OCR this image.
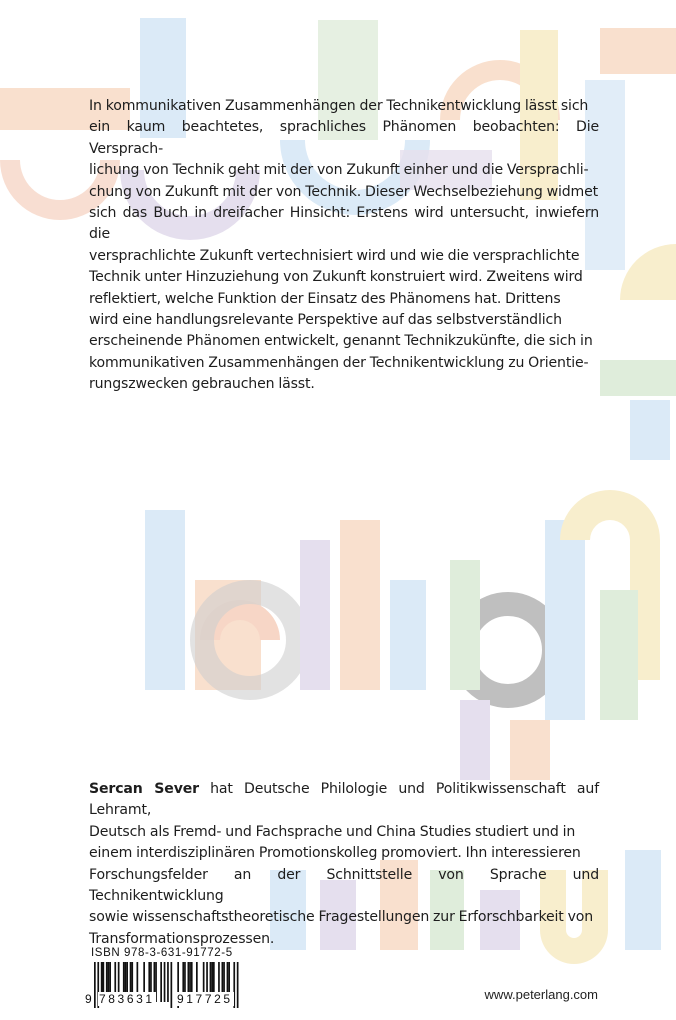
In kommunikativen Zusammenhängen der Technikentwicklung lässt sich
ein kaum beachtetes, sprachliches Phänomen beobachten: Die Versprach-
lichung von Technik geht mit der von Zukunft einher und die Versprachli-
chung von Zukunft mit der von Technik. Dieser Wechselbeziehung widmet
sich das Buch in dreifacher Hinsicht: Erstens wird untersucht, inwiefern die
versprachlichte Zukunft vertechnisiert wird und wie die versprachlichte
Technik unter Hinzuziehung von Zukunft konstruiert wird. Zweitens wird
reflektiert, welche Funktion der Einsatz des Phänomens hat. Drittens
wird eine handlungsrelevante Perspektive auf das selbstverständlich
erscheinende Phänomen entwickelt, genannt Technikzukünfte, die sich in
kommunikativen Zusammenhängen der Technikentwicklung zu Orientie-
rungszwecken gebrauchen lässt.
Sercan Sever hat Deutsche Philologie und Politikwissenschaft auf Lehramt,
Deutsch als Fremd- und Fachsprache und China Studies studiert und in
einem interdisziplinären Promotionskolleg promoviert. Ihn interessieren
Forschungsfelder an der Schnittstelle von Sprache und Technikentwicklung
sowie wissenschaftstheoretische Fragestellungen zur Erforschbarkeit von
Transformationsprozessen.
ISBN 978-3-631-91772-5
9 783631 917725	www.peterlang.com
